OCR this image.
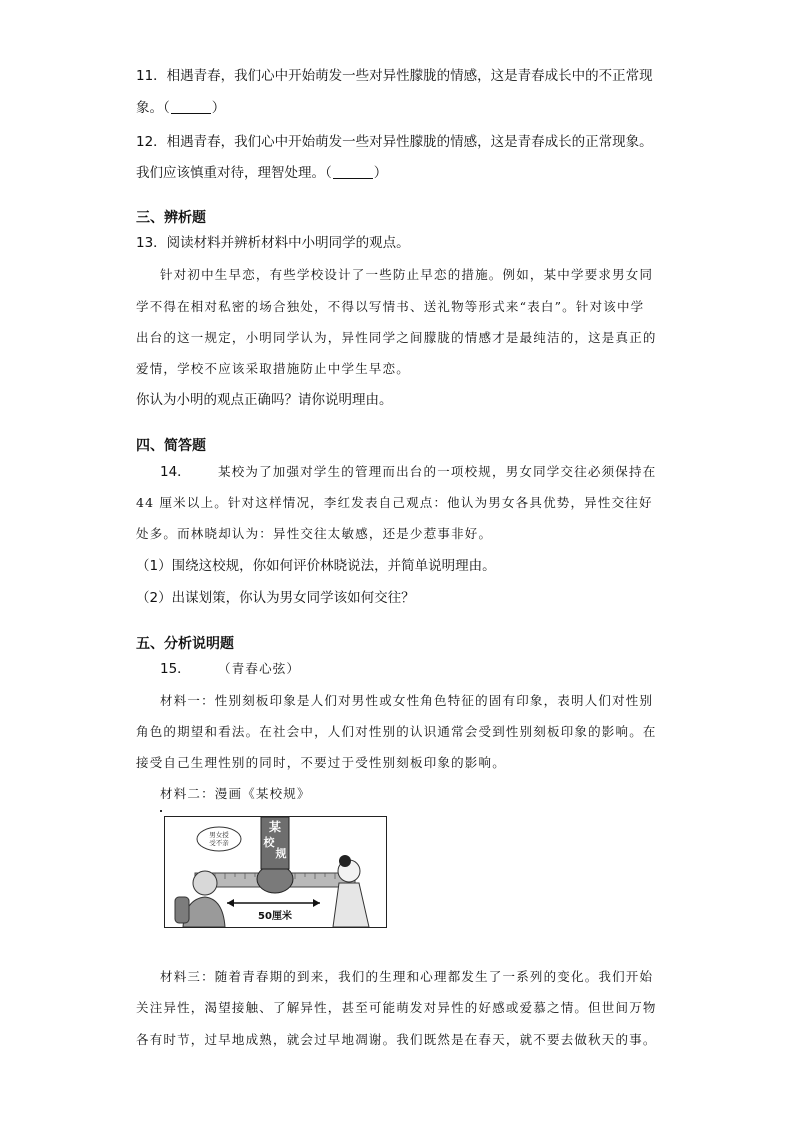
11．相遇青春，我们心中开始萌发一些对异性朦胧的情感，这是青春成长中的不正常现
象。（	）
12．相遇青春，我们心中开始萌发一些对异性朦胧的情感，这是青春成长的正常现象。
我们应该慎重对待，理智处理。（	）
三、辨析题
13．阅读材料并辨析材料中小明同学的观点。
针对初中生早恋，有些学校设计了一些防止早恋的措施。例如，某中学要求男女同
学不得在相对私密的场合独处，不得以写情书、送礼物等形式来“表白”。针对该中学
出台的这一规定，小明同学认为，异性同学之间朦胧的情感才是最纯洁的，这是真正的
爱情，学校不应该采取措施防止中学生早恋。
你认为小明的观点正确吗？请你说明理由。
四、简答题
14． 某校为了加强对学生的管理而出台的一项校规，男女同学交往必须保持在
44 厘米以上。针对这样情况，李红发表自己观点：他认为男女各具优势，异性交往好
处多。而林晓却认为：异性交往太敏感，还是少惹事非好。
（1）围绕这校规，你如何评价林晓说法，并简单说明理由。
（2）出谋划策，你认为男女同学该如何交往？
五、分析说明题
15． （青春心弦）
材料一：性别刻板印象是人们对男性或女性角色特征的固有印象，表明人们对性别
角色的期望和看法。在社会中，人们对性别的认识通常会受到性别刻板印象的影响。在
接受自己生理性别的同时，不要过于受性别刻板印象的影响。
材料二：漫画《某校规》
某
校
规
男女授
受不亲
50厘米
材料三：随着青春期的到来，我们的生理和心理都发生了一系列的变化。我们开始
关注异性，渴望接触、了解异性，甚至可能萌发对异性的好感或爱慕之情。但世间万物
各有时节，过早地成熟，就会过早地凋谢。我们既然是在春天，就不要去做秋天的事。
